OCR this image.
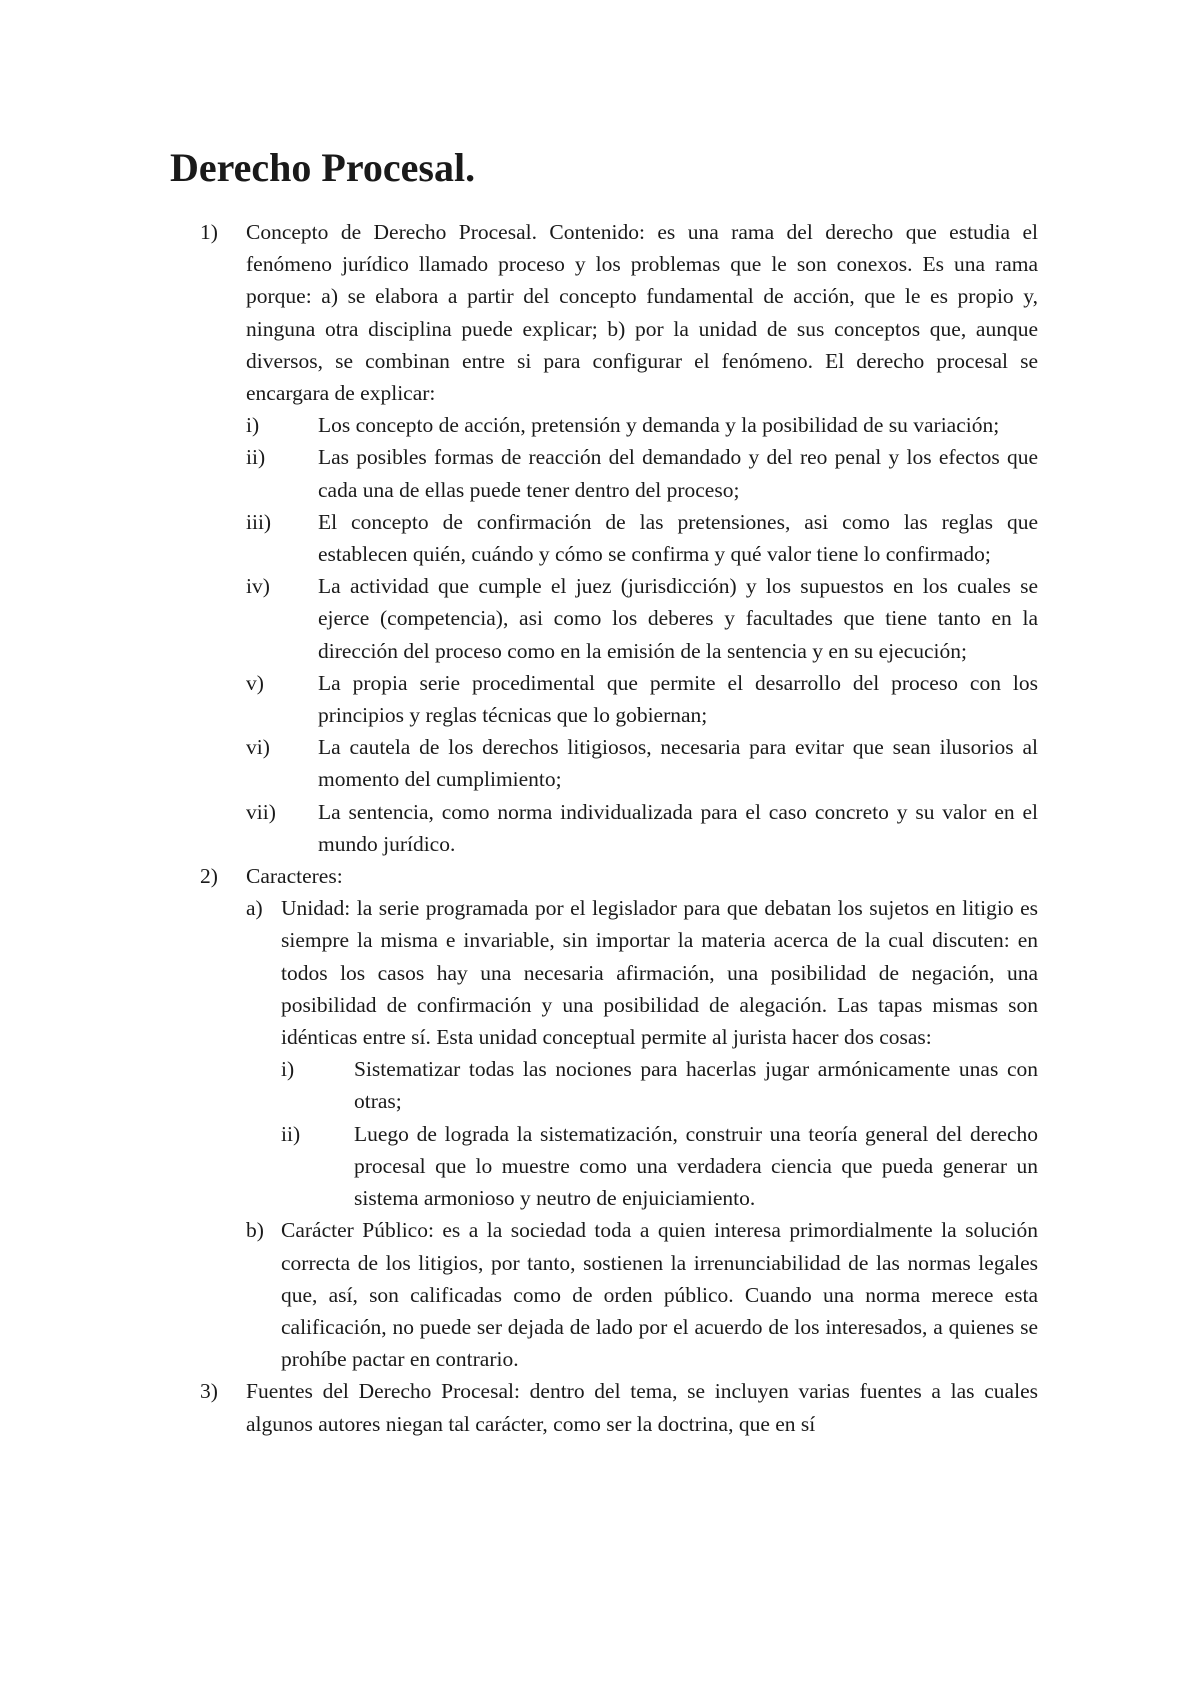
Derecho Procesal.
1)	Concepto de Derecho Procesal. Contenido: es una rama del derecho que estudia el fenómeno jurídico llamado proceso y los problemas que le son conexos. Es una rama porque: a) se elabora a partir del concepto fundamental de acción, que le es propio y, ninguna otra disciplina puede explicar; b) por la unidad de sus conceptos que, aunque diversos, se combinan entre si para configurar el fenómeno. El derecho procesal se encargara de explicar:

i)	Los concepto de acción, pretensión y demanda y la posibilidad de su variación;

ii) Las posibles formas de reacción del demandado y del reo penal y los efectos que cada una de ellas puede tener dentro del proceso;

iii) El concepto de confirmación de las pretensiones, asi como las reglas que establecen quién, cuándo y cómo se confirma y qué valor tiene lo confirmado;

iv) La actividad que cumple el juez (jurisdicción) y los supuestos en los cuales se ejerce (competencia), asi como los deberes y facultades que tiene tanto en la dirección del proceso como en la emisión de la sentencia y en su ejecución;

v)	La propia serie procedimental que permite el desarrollo del proceso con los principios y reglas técnicas que lo gobiernan;

vi) La cautela de los derechos litigiosos, necesaria para evitar que sean ilusorios al momento del cumplimiento;

vii) La sentencia, como norma individualizada para el caso concreto y su valor en el mundo jurídico.

2)	Caracteres:

a) Unidad: la serie programada por el legislador para que debatan los sujetos en litigio es siempre la misma e invariable, sin importar la materia acerca de la cual discuten: en todos los casos hay una necesaria afirmación, una posibilidad de negación, una posibilidad de confirmación y una posibilidad de alegación. Las tapas mismas son idénticas entre sí. Esta unidad conceptual permite al jurista hacer dos cosas:

i)	Sistematizar todas las nociones para hacerlas jugar armónicamente unas con otras;

ii)	Luego de lograda la sistematización, construir una teoría general del derecho procesal que lo muestre como una verdadera ciencia que pueda generar un sistema armonioso y neutro de enjuiciamiento.

b) Carácter Público: es a la sociedad toda a quien interesa primordialmente la solución correcta de los litigios, por tanto, sostienen la irrenunciabilidad de las normas legales que, así, son calificadas como de orden público. Cuando una norma merece esta calificación, no puede ser dejada de lado por el acuerdo de los interesados, a quienes se prohíbe pactar en contrario.

3)	Fuentes del Derecho Procesal: dentro del tema, se incluyen varias fuentes a las cuales algunos autores niegan tal carácter, como ser la doctrina, que en sí
